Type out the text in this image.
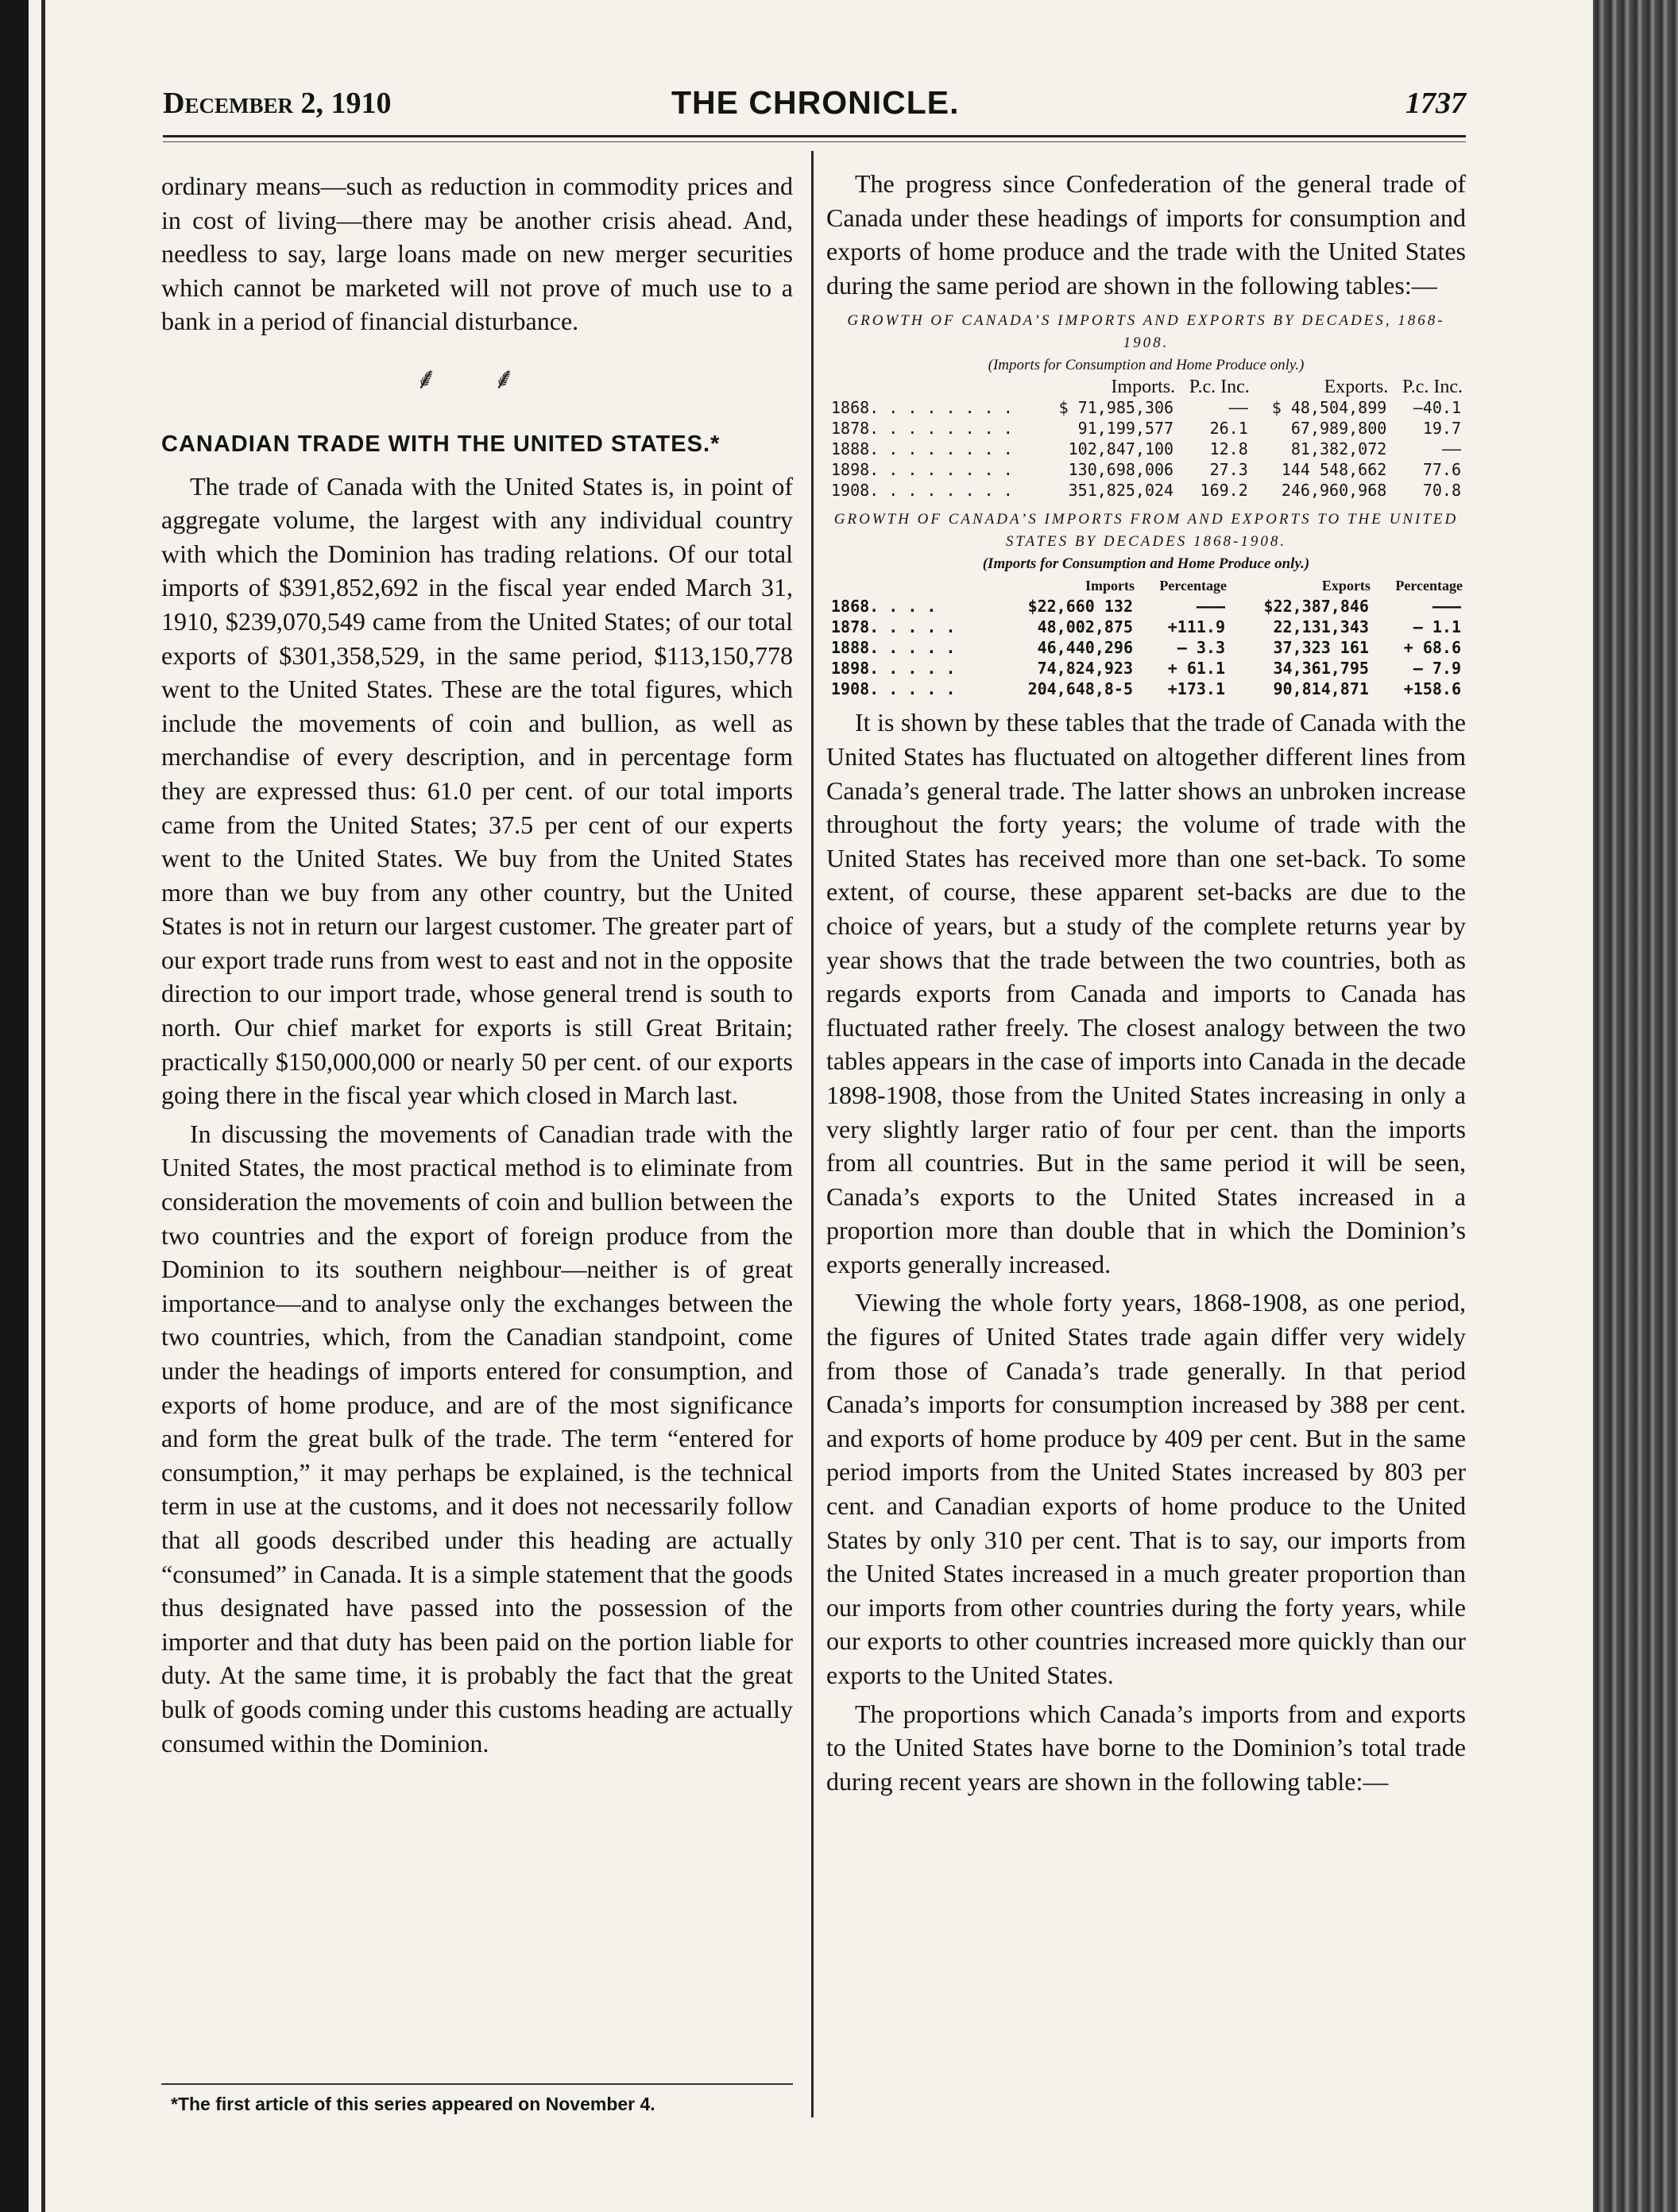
December 2, 1910	THE CHRONICLE.	1737

ordinary means—such as reduction in commodity prices and in cost of living—there may be another crisis ahead. And, needless to say, large loans made on new merger securities which cannot be marketed will not prove of much use to a bank in a period of financial disturbance.

⸙ ⸙

CANADIAN TRADE WITH THE UNITED STATES.*

The trade of Canada with the United States is, in point of aggregate volume, the largest with any individual country with which the Dominion has trading relations. Of our total imports of $391,852,692 in the fiscal year ended March 31, 1910, $239,070,549 came from the United States; of our total exports of $301,358,529, in the same period, $113,150,778 went to the United States. These are the total figures, which include the movements of coin and bullion, as well as merchandise of every description, and in percentage form they are expressed thus: 61.0 per cent. of our total imports came from the United States; 37.5 per cent of our experts went to the United States. We buy from the United States more than we buy from any other country, but the United States is not in return our largest customer. The greater part of our export trade runs from west to east and not in the opposite direction to our import trade, whose general trend is south to north. Our chief market for exports is still Great Britain; practically $150,000,000 or nearly 50 per cent. of our exports going there in the fiscal year which closed in March last.

In discussing the movements of Canadian trade with the United States, the most practical method is to eliminate from consideration the movements of coin and bullion between the two countries and the export of foreign produce from the Dominion to its southern neighbour—neither is of great importance—and to analyse only the exchanges between the two countries, which, from the Canadian standpoint, come under the headings of imports entered for consumption, and exports of home produce, and are of the most significance and form the great bulk of the trade. The term “entered for consumption,” it may perhaps be explained, is the technical term in use at the customs, and it does not necessarily follow that all goods described under this heading are actually “consumed” in Canada. It is a simple statement that the goods thus designated have passed into the possession of the importer and that duty has been paid on the portion liable for duty. At the same time, it is probably the fact that the great bulk of goods coming under this customs heading are actually consumed within the Dominion.

*The first article of this series appeared on November 4.

The progress since Confederation of the general trade of Canada under these headings of imports for consumption and exports of home produce and the trade with the United States during the same period are shown in the following tables:—

GROWTH OF CANADA’S IMPORTS AND EXPORTS BY DECADES, 1868-1908.
(Imports for Consumption and Home Produce only.)
	Imports.	P.c. Inc.	Exports.	P.c. Inc.
1868. . . . . . . .	$ 71,985,306	——	$ 48,504,899	—40.1
1878. . . . . . . .	91,199,577	26.1	67,989,800	19.7
1888. . . . . . . .	102,847,100	12.8	81,382,072	——
1898. . . . . . . .	130,698,006	27.3	144 548,662	77.6
1908. . . . . . . .	351,825,024	169.2	246,960,968	70.8
GROWTH OF CANADA’S IMPORTS FROM AND EXPORTS TO THE UNITED STATES BY DECADES 1868-1908.
(Imports for Consumption and Home Produce only.)
	Imports	Percentage	Exports	Percentage
1868. . . .	$22,660 132	———	$22,387,846	———
1878. . . . .	48,002,875	+111.9	22,131,343	— 1.1
1888. . . . .	46,440,296	— 3.3	37,323 161	+ 68.6
1898. . . . .	74,824,923	+ 61.1	34,361,795	— 7.9
1908. . . . .	204,648,8-5	+173.1	90,814,871	+158.6

It is shown by these tables that the trade of Canada with the United States has fluctuated on altogether different lines from Canada’s general trade. The latter shows an unbroken increase throughout the forty years; the volume of trade with the United States has received more than one set-back. To some extent, of course, these apparent set-backs are due to the choice of years, but a study of the complete returns year by year shows that the trade between the two countries, both as regards exports from Canada and imports to Canada has fluctuated rather freely. The closest analogy between the two tables appears in the case of imports into Canada in the decade 1898-1908, those from the United States increasing in only a very slightly larger ratio of four per cent. than the imports from all countries. But in the same period it will be seen, Canada’s exports to the United States increased in a proportion more than double that in which the Dominion’s exports generally increased.

Viewing the whole forty years, 1868-1908, as one period, the figures of United States trade again differ very widely from those of Canada’s trade generally. In that period Canada’s imports for consumption increased by 388 per cent. and exports of home produce by 409 per cent. But in the same period imports from the United States increased by 803 per cent. and Canadian exports of home produce to the United States by only 310 per cent. That is to say, our imports from the United States increased in a much greater proportion than our imports from other countries during the forty years, while our exports to other countries increased more quickly than our exports to the United States.

The proportions which Canada’s imports from and exports to the United States have borne to the Dominion’s total trade during recent years are shown in the following table:—
